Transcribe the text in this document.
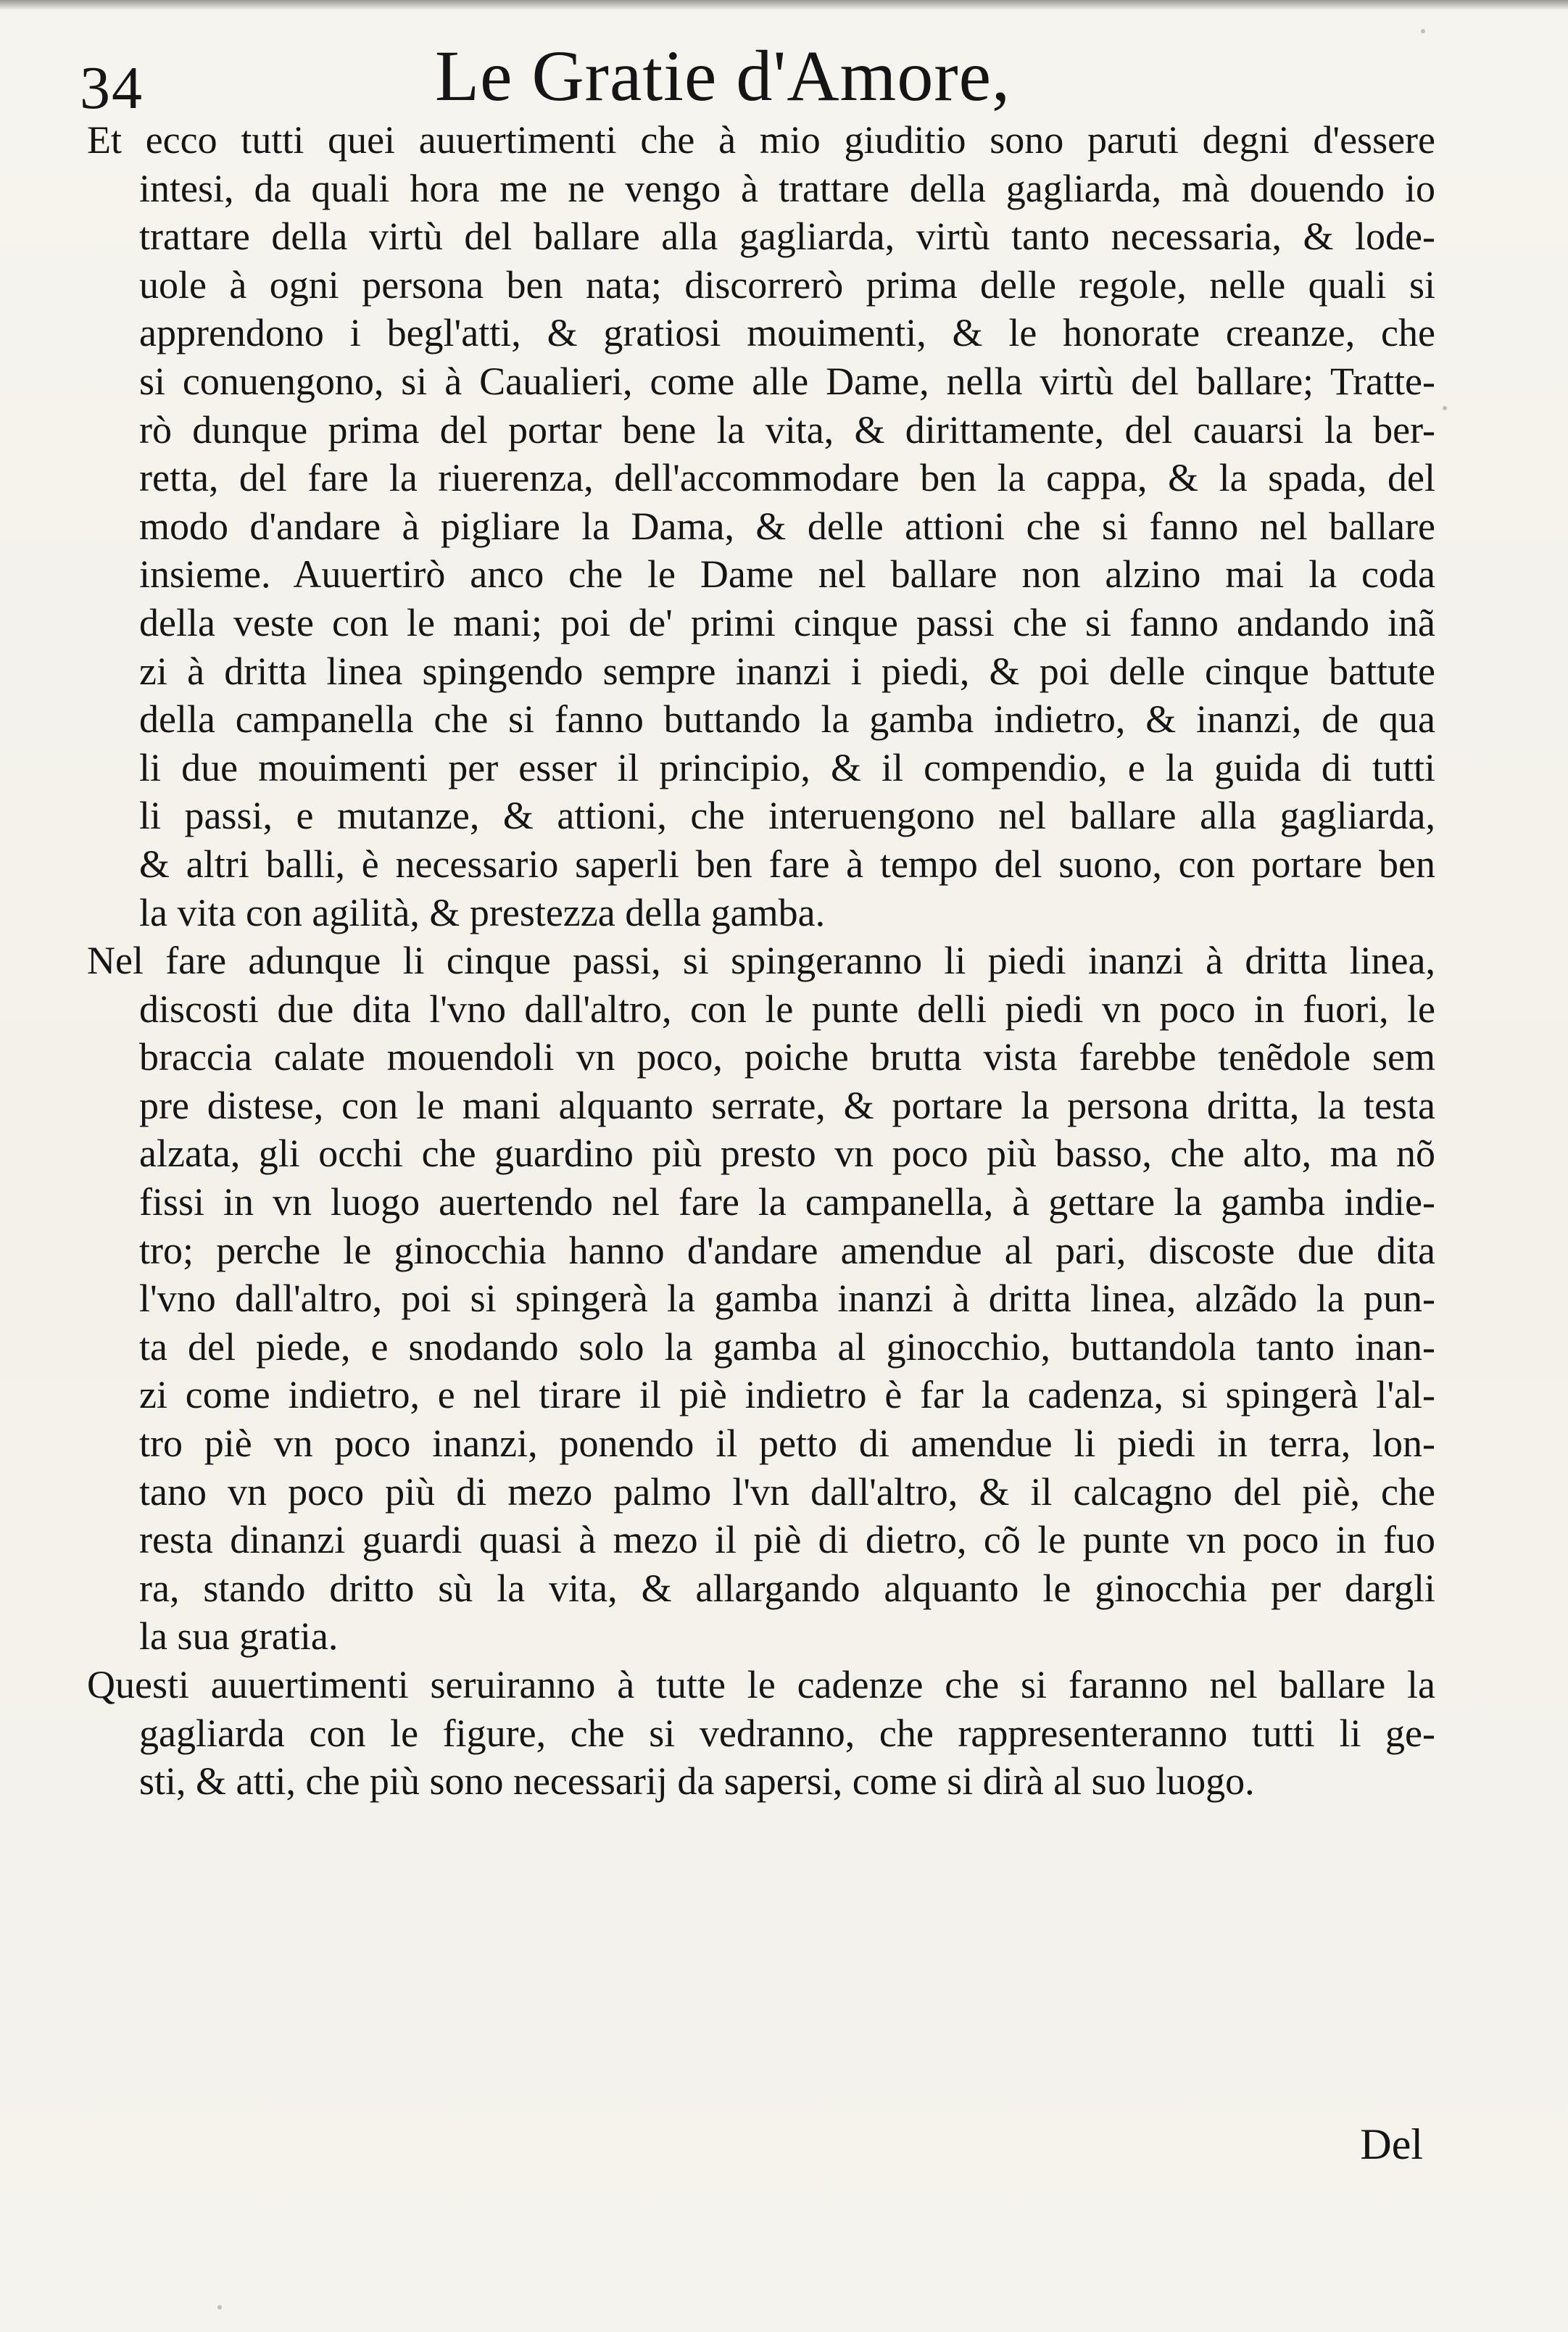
34	Le Gratie d'Amore,
Et ecco tutti quei auuertimenti che à mio giuditio sono paruti degni d'essere
intesi, da quali hora me ne vengo à trattare della gagliarda, mà douendo io
trattare della virtù del ballare alla gagliarda, virtù tanto necessaria, & lode-
uole à ogni persona ben nata; discorrerò prima delle regole, nelle quali si
apprendono i begl'atti, & gratiosi mouimenti, & le honorate creanze, che
si conuengono, si à Caualieri, come alle Dame, nella virtù del ballare; Tratte-
rò dunque prima del portar bene la vita, & dirittamente, del cauarsi la ber-
retta, del fare la riuerenza, dell'accommodare ben la cappa, & la spada, del
modo d'andare à pigliare la Dama, & delle attioni che si fanno nel ballare
insieme. Auuertirò anco che le Dame nel ballare non alzino mai la coda
della veste con le mani; poi de' primi cinque passi che si fanno andando inã
zi à dritta linea spingendo sempre inanzi i piedi, & poi delle cinque battute
della campanella che si fanno buttando la gamba indietro, & inanzi, de qua
li due mouimenti per esser il principio, & il compendio, e la guida di tutti
li passi, e mutanze, & attioni, che interuengono nel ballare alla gagliarda,
& altri balli, è necessario saperli ben fare à tempo del suono, con portare ben
la vita con agilità, & prestezza della gamba.
Nel fare adunque li cinque passi, si spingeranno li piedi inanzi à dritta linea,
discosti due dita l'vno dall'altro, con le punte delli piedi vn poco in fuori, le
braccia calate mouendoli vn poco, poiche brutta vista farebbe tenẽdole sem
pre distese, con le mani alquanto serrate, & portare la persona dritta, la testa
alzata, gli occhi che guardino più presto vn poco più basso, che alto, ma nõ
fissi in vn luogo auertendo nel fare la campanella, à gettare la gamba indie-
tro; perche le ginocchia hanno d'andare amendue al pari, discoste due dita
l'vno dall'altro, poi si spingerà la gamba inanzi à dritta linea, alzãdo la pun-
ta del piede, e snodando solo la gamba al ginocchio, buttandola tanto inan-
zi come indietro, e nel tirare il piè indietro è far la cadenza, si spingerà l'al-
tro piè vn poco inanzi, ponendo il petto di amendue li piedi in terra, lon-
tano vn poco più di mezo palmo l'vn dall'altro, & il calcagno del piè, che
resta dinanzi guardi quasi à mezo il piè di dietro, cõ le punte vn poco in fuo
ra, stando dritto sù la vita, & allargando alquanto le ginocchia per dargli
la sua gratia.
Questi auuertimenti seruiranno à tutte le cadenze che si faranno nel ballare la
gagliarda con le figure, che si vedranno, che rappresenteranno tutti li ge-
sti, & atti, che più sono necessarij da sapersi, come si dirà al suo luogo.
Del
